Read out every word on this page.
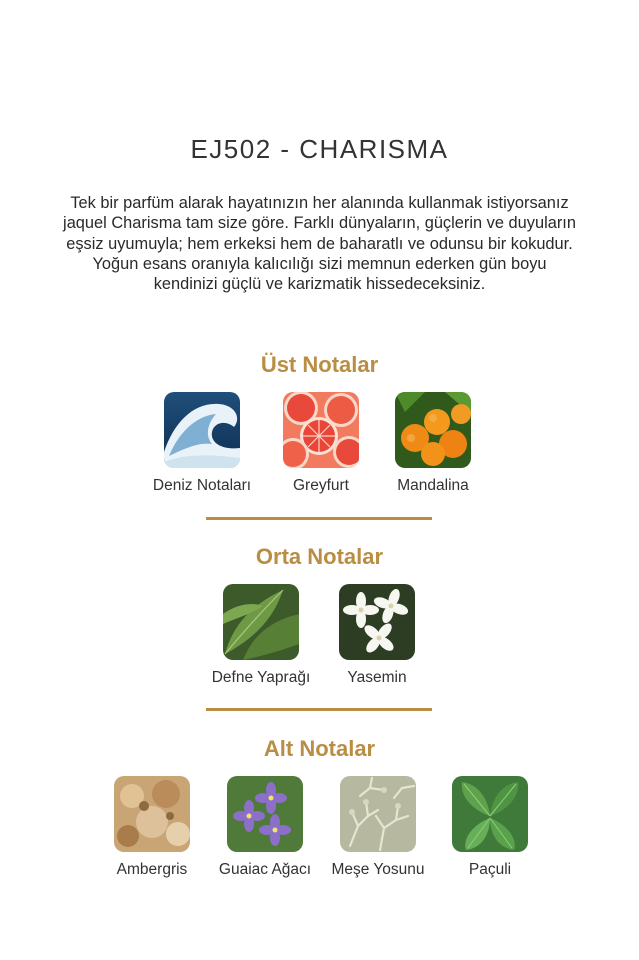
EJ502 - CHARISMA
Tek bir parfüm alarak hayatınızın her alanında kullanmak istiyorsanız jaquel Charisma tam size göre. Farklı dünyaların, güçlerin ve duyuların eşsiz uyumuyla; hem erkeksi hem de baharatlı ve odunsu bir kokudur. Yoğun esans oranıyla kalıcılığı sizi memnun ederken gün boyu kendinizi güçlü ve karizmatik hissedeceksiniz.
Üst Notalar
Deniz Notaları	Greyfurt	Mandalina
Orta Notalar
Defne Yaprağı	Yasemin
Alt Notalar
Ambergris	Guaiac Ağacı Meşe Yosunu	Paçuli
